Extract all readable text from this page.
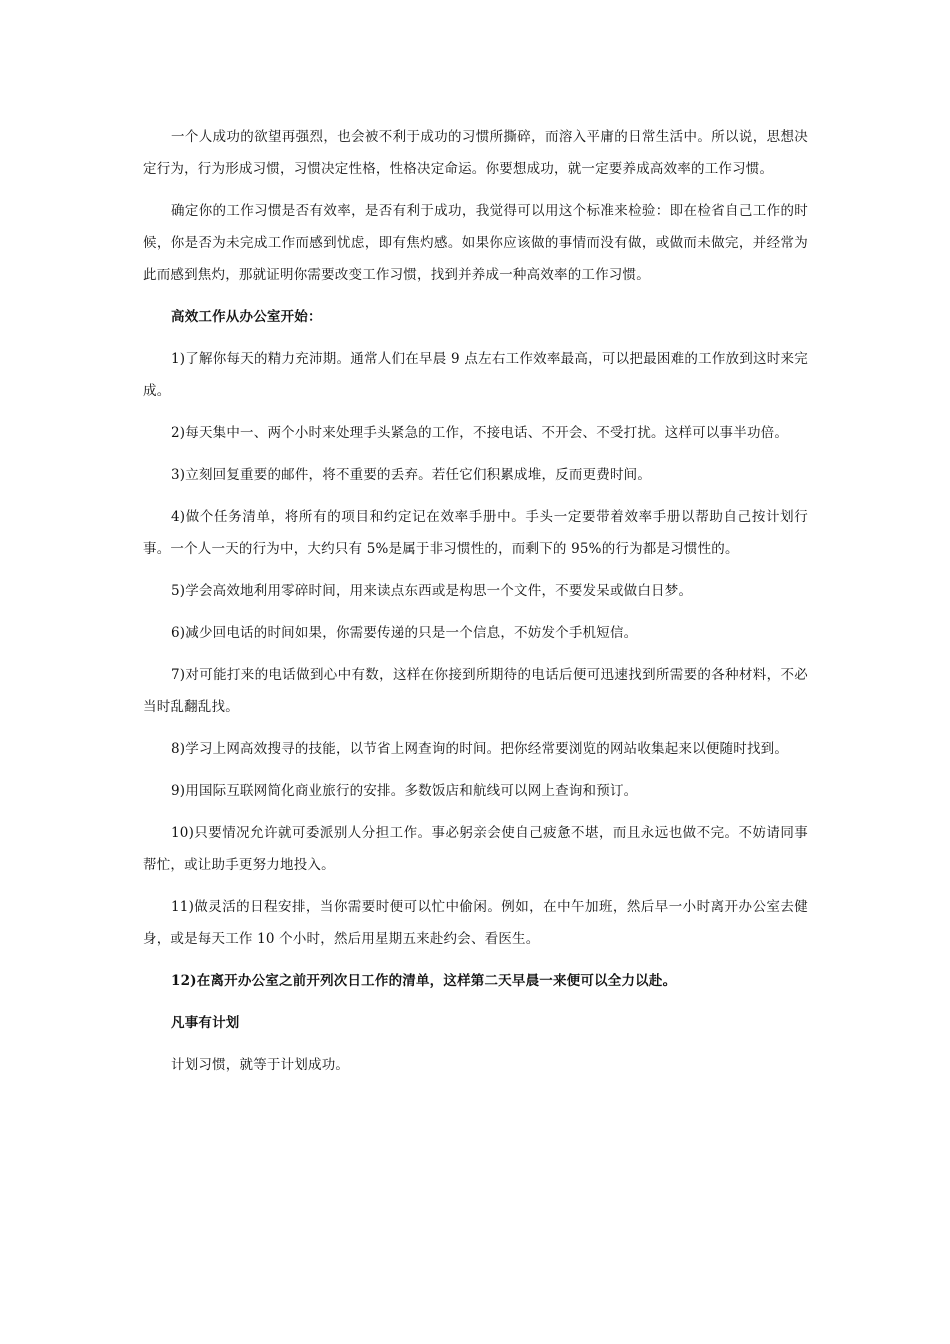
一个人成功的欲望再强烈，也会被不利于成功的习惯所撕碎，而溶入平庸的日常生活中。所以说，思想决定行为，行为形成习惯，习惯决定性格，性格决定命运。你要想成功，就一定要养成高效率的工作习惯。

确定你的工作习惯是否有效率，是否有利于成功，我觉得可以用这个标准来检验：即在检省自己工作的时候，你是否为未完成工作而感到忧虑，即有焦灼感。如果你应该做的事情而没有做，或做而未做完，并经常为此而感到焦灼，那就证明你需要改变工作习惯，找到并养成一种高效率的工作习惯。

高效工作从办公室开始：

1)了解你每天的精力充沛期。通常人们在早晨 9 点左右工作效率最高，可以把最困难的工作放到这时来完成。

2)每天集中一、两个小时来处理手头紧急的工作，不接电话、不开会、不受打扰。这样可以事半功倍。

3)立刻回复重要的邮件，将不重要的丢弃。若任它们积累成堆，反而更费时间。

4)做个任务清单，将所有的项目和约定记在效率手册中。手头一定要带着效率手册以帮助自己按计划行事。一个人一天的行为中，大约只有 5%是属于非习惯性的，而剩下的 95%的行为都是习惯性的。

5)学会高效地利用零碎时间，用来读点东西或是构思一个文件，不要发呆或做白日梦。

6)减少回电话的时间如果，你需要传递的只是一个信息，不妨发个手机短信。

7)对可能打来的电话做到心中有数，这样在你接到所期待的电话后便可迅速找到所需要的各种材料，不必当时乱翻乱找。

8)学习上网高效搜寻的技能，以节省上网查询的时间。把你经常要浏览的网站收集起来以便随时找到。

9)用国际互联网简化商业旅行的安排。多数饭店和航线可以网上查询和预订。

10)只要情况允许就可委派别人分担工作。事必躬亲会使自己疲惫不堪，而且永远也做不完。不妨请同事帮忙，或让助手更努力地投入。

11)做灵活的日程安排，当你需要时便可以忙中偷闲。例如，在中午加班，然后早一小时离开办公室去健身，或是每天工作 10 个小时，然后用星期五来赴约会、看医生。

12)在离开办公室之前开列次日工作的清单，这样第二天早晨一来便可以全力以赴。

凡事有计划

计划习惯，就等于计划成功。
